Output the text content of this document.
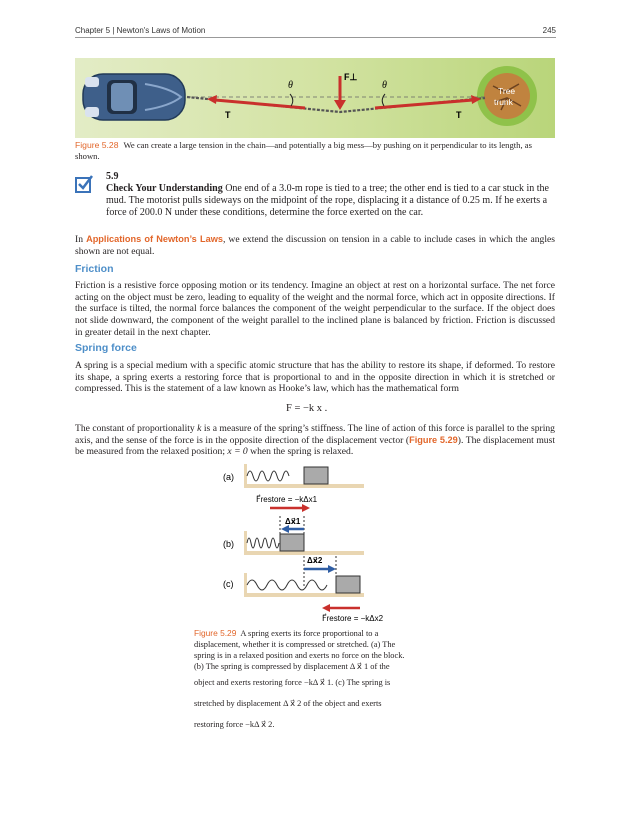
Chapter 5 | Newton's Laws of Motion	245
θ	θ
F⊥
T	T
Tree
trunk
Figure 5.28 We can create a large tension in the chain—and potentially a big mess—by pushing on it perpendicular to its length, as shown.
5.9
Check Your Understanding One end of a 3.0-m rope is tied to a tree; the other end is tied to a car stuck in the mud. The motorist pulls sideways on the midpoint of the rope, displacing it a distance of 0.25 m. If he exerts a force of 200.0 N under these conditions, determine the force exerted on the car.
In Applications of Newton’s Laws, we extend the discussion on tension in a cable to include cases in which the angles shown are not equal.
Friction
Friction is a resistive force opposing motion or its tendency. Imagine an object at rest on a horizontal surface. The net force acting on the object must be zero, leading to equality of the weight and the normal force, which act in opposite directions. If the surface is tilted, the normal force balances the component of the weight perpendicular to the surface. If the object does not slide downward, the component of the weight parallel to the inclined plane is balanced by friction. Friction is discussed in greater detail in the next chapter.
Spring force
A spring is a special medium with a specific atomic structure that has the ability to restore its shape, if deformed. To restore its shape, a spring exerts a restoring force that is proportional to and in the opposite direction in which it is stretched or compressed. This is the statement of a law known as Hooke’s law, which has the mathematical form
F = −k x .
The constant of proportionality k is a measure of the spring’s stiffness. The line of action of this force is parallel to the spring axis, and the sense of the force is in the opposite direction of the displacement vector (Figure 5.29). The displacement must be measured from the relaxed position; x = 0 when the spring is relaxed.
(a)
(b)
(c)
F⃗restore = −kΔx1
Δx⃗1
Δx⃗2
F⃗restore = −kΔx2
Figure 5.29 A spring exerts its force proportional to a
displacement, whether it is compressed or stretched. (a) The
spring is in a relaxed position and exerts no force on the block.
(b) The spring is compressed by displacement Δ x⃗ 1 of the
object and exerts restoring force −kΔ x⃗ 1. (c) The spring is
stretched by displacement Δ x⃗ 2 of the object and exerts
restoring force −kΔ x⃗ 2.
